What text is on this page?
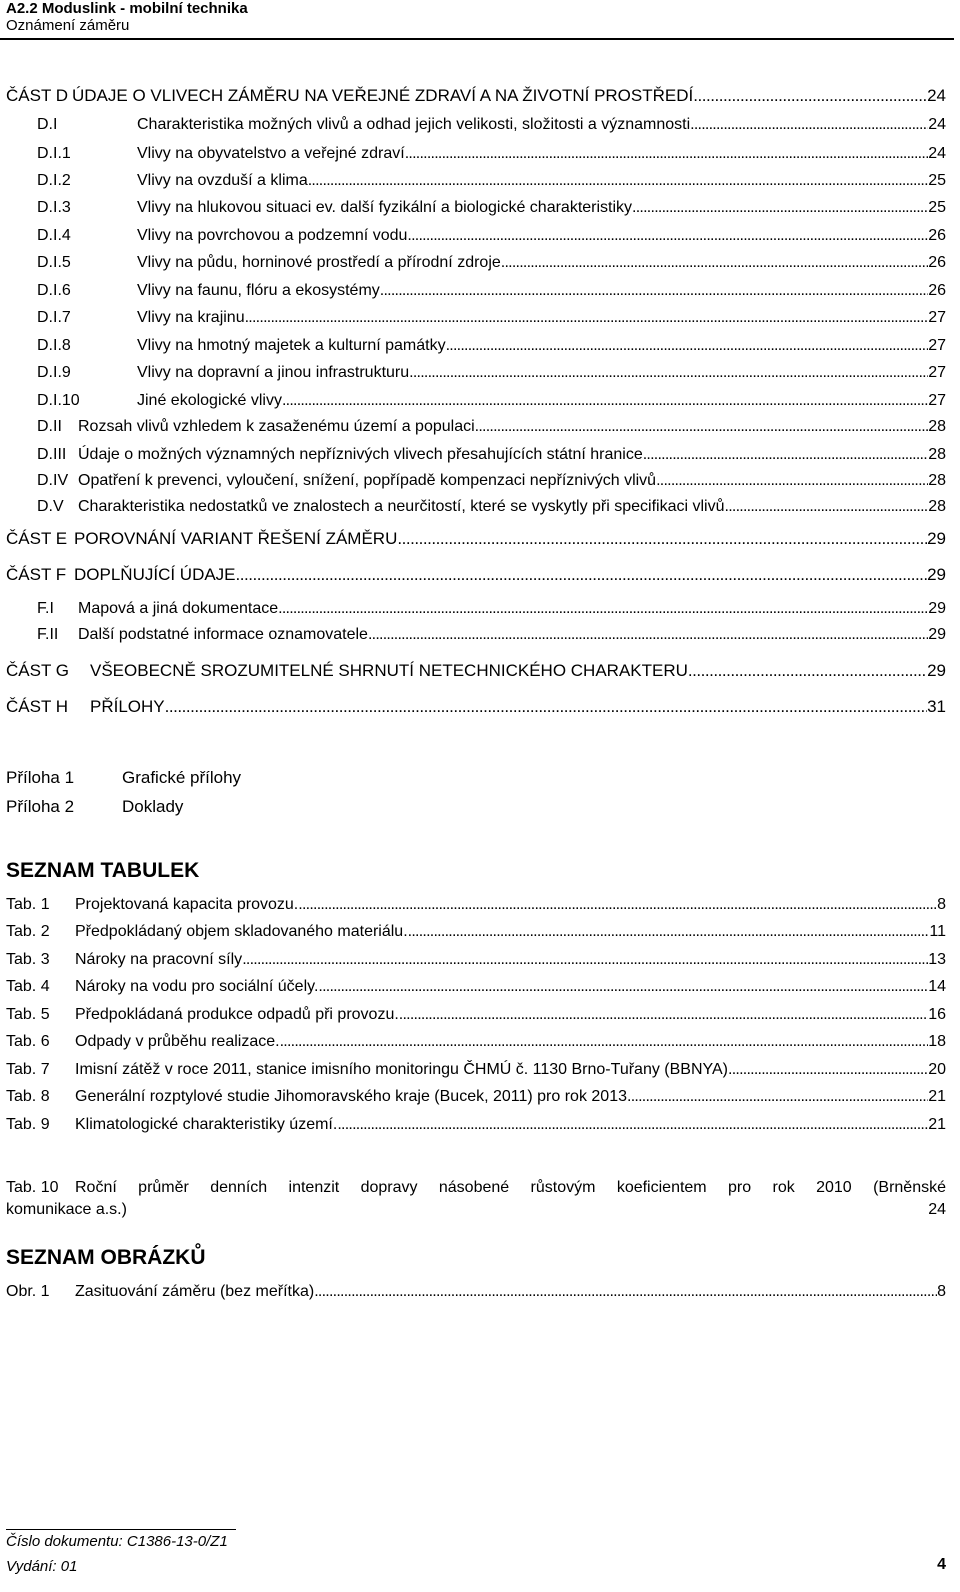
A2.2 Moduslink - mobilní technika
Oznámení záměru
ČÁST D ÚDAJE O VLIVECH ZÁMĚRU NA VEŘEJNÉ ZDRAVÍ A NA ŽIVOTNÍ PROSTŘEDÍ . . .	24
D.I	Charakteristika možných vlivů a odhad jejich velikosti, složitosti a významnosti . . .	24
D.I.1	Vlivy na obyvatelstvo a veřejné zdraví . . .	24
D.I.2	Vlivy na ovzduší a klima . . .	25
D.I.3	Vlivy na hlukovou situaci ev. další fyzikální a biologické charakteristiky . . .	25
D.I.4	Vlivy na povrchovou a podzemní vodu . . .	26
D.I.5	Vlivy na půdu, horninové prostředí a přírodní zdroje . . .	26
D.I.6	Vlivy na faunu, flóru a ekosystémy . . .	26
D.I.7	Vlivy na krajinu . . .	27
D.I.8	Vlivy na hmotný majetek a kulturní památky . . .	27
D.I.9	Vlivy na dopravní a jinou infrastrukturu . . .	27
D.I.10	Jiné ekologické vlivy . . .	27
D.II	Rozsah vlivů vzhledem k zasaženému území a populaci . . .	28
D.III Údaje o možných významných nepříznivých vlivech přesahujících státní hranice . . .	28
D.IV Opatření k prevenci, vyloučení, snížení, popřípadě kompenzaci nepříznivých vlivů . . .	28
D.V Charakteristika nedostatků ve znalostech a neurčitostí, které se vyskytly při specifikaci vlivů . . .	28
ČÁST E POROVNÁNÍ VARIANT ŘEŠENÍ ZÁMĚRU . . .	29
ČÁST F DOPLŇUJÍCÍ ÚDAJE . . .	29
F.I	Mapová a jiná dokumentace . . .	29
F.II	Další podstatné informace oznamovatele . . .	29
ČÁST G	VŠEOBECNĚ SROZUMITELNÉ SHRNUTÍ NETECHNICKÉHO CHARAKTERU . . .	29
ČÁST H	PŘÍLOHY . . .	31
Příloha 1	Grafické přílohy
Příloha 2	Doklady
SEZNAM TABULEK
Tab. 1	Projektovaná kapacita provozu. . . .	8
Tab. 2	Předpokládaný objem skladovaného materiálu. . . .	11
Tab. 3	Nároky na pracovní síly . . .	13
Tab. 4	Nároky na vodu pro sociální účely. . . .	14
Tab. 5	Předpokládaná produkce odpadů při provozu. . . .	16
Tab. 6	Odpady v průběhu realizace. . . .	18
Tab. 7	Imisní zátěž v roce 2011, stanice imisního monitoringu ČHMÚ č. 1130 Brno-Tuřany (BBNYA) . . .	20
Tab. 8	Generální rozptylové studie Jihomoravského kraje (Bucek, 2011) pro rok 2013 . . .	21
Tab. 9	Klimatologické charakteristiky území. . . .	21
Tab. 10	Roční průměr denních intenzit dopravy násobené růstovým koeficientem pro rok 2010 (Brněnské
komunikace a.s.)	24
SEZNAM OBRÁZKŮ
Obr. 1	Zasituování záměru (bez meřítka) . . .	8
Číslo dokumentu: C1386-13-0/Z1
Vydání: 01	4
